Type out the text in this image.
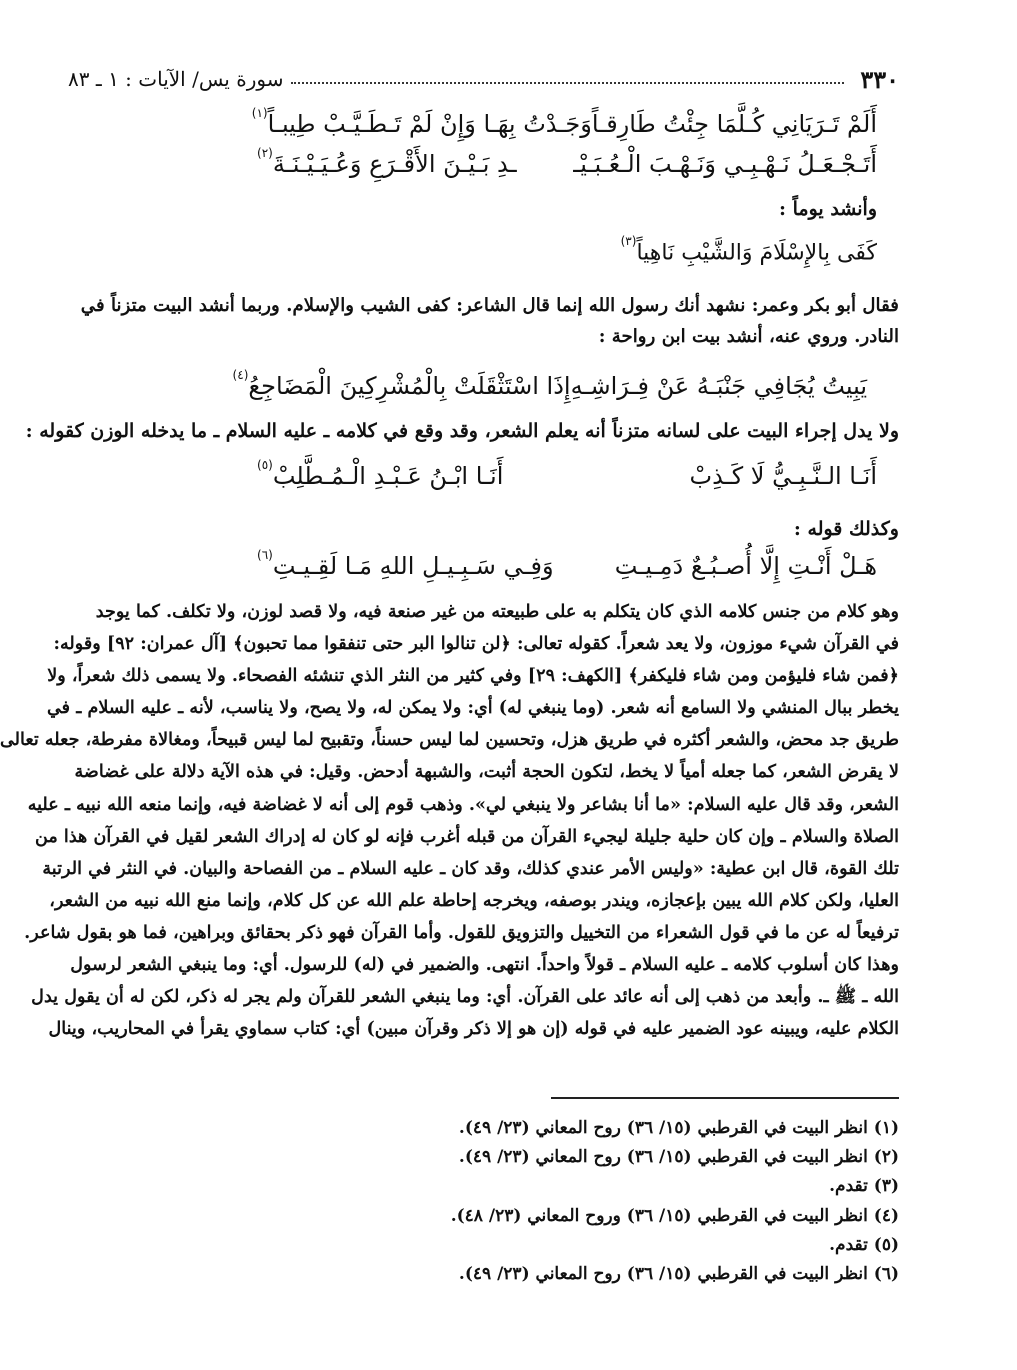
٣٣٠
سورة يس/ الآيات : ١ ـ ٨٣
أَلَمْ تَـرَيَانِي كُـلَّمَا جِئْتُ طَارِقـاً
وَجَـدْتُ بِهَـا وَإِنْ لَمْ تَـطَـيَّـبْ طِيبـاً$^{(١)}$
أَتَـجْـعَـلُ نَـهْـبِـي وَنَـهْـبَ الْـعُـبَـيْـ
ـدِ بَـيْـنَ الأَقْـرَعِ وَعُـيَـيْـنَـةَ$^{(٢)}$
وأنشد يوماً :
كَفَى بِالإِسْلَامَ وَالشَّيْبِ نَاهِياً$^{(٣)}$
فقال أبو بكر وعمر: نشهد أنك رسول الله إنما قال الشاعر: كفى الشيب والإسلام. وربما أنشد البيت متزناً في
النادر. وروي عنه، أنشد بيت ابن رواحة :
يَبِيتُ يُجَافِي جَنْبَـهُ عَنْ فِـرَاشِـهِ
إِذَا اسْتَثْقَلَتْ بِالْمُشْرِكِينَ الْمَضَاجِعُ$^{(٤)}$
ولا يدل إجراء البيت على لسانه متزناً أنه يعلم الشعر، وقد وقع في كلامه ـ عليه السلام ـ ما يدخله الوزن كقوله :
أَنَـا الـنَّـبِـيُّ لَا كَـذِبْ
أَنَـا ابْـنُ عَـبْـدِ الْـمُـطَّلِبْ$^{(٥)}$
وكذلك قوله :
هَـلْ أَنْـتِ إِلَّا أُصـبُـعٌ دَمِـيـتِ
وَفِـي سَـبِـيـلِ اللهِ مَـا لَقِـيـتِ$^{(٦)}$
وهو كلام من جنس كلامه الذي كان يتكلم به على طبيعته من غير صنعة فيه، ولا قصد لوزن، ولا تكلف. كما يوجد
في القرآن شيء موزون، ولا يعد شعراً. كقوله تعالى: ﴿لن تنالوا البر حتى تنفقوا مما تحبون﴾ [آل عمران: ٩٢] وقوله:
﴿فمن شاء فليؤمن ومن شاء فليكفر﴾ [الكهف: ٢٩] وفي كثير من النثر الذي تنشئه الفصحاء. ولا يسمى ذلك شعراً، ولا
يخطر ببال المنشي ولا السامع أنه شعر. (وما ينبغي له) أي: ولا يمكن له، ولا يصح، ولا يناسب، لأنه ـ عليه السلام ـ في
طريق جد محض، والشعر أكثره في طريق هزل، وتحسين لما ليس حسناً، وتقبيح لما ليس قبيحاً، ومغالاة مفرطة، جعله تعالى
لا يقرض الشعر، كما جعله أمياً لا يخط، لتكون الحجة أثبت، والشبهة أدحض. وقيل: في هذه الآية دلالة على غضاضة
الشعر، وقد قال عليه السلام: «ما أنا بشاعر ولا ينبغي لي». وذهب قوم إلى أنه لا غضاضة فيه، وإنما منعه الله نبيه ـ عليه
الصلاة والسلام ـ وإن كان حلية جليلة ليجيء القرآن من قبله أغرب فإنه لو كان له إدراك الشعر لقيل في القرآن هذا من
تلك القوة، قال ابن عطية: «وليس الأمر عندي كذلك، وقد كان ـ عليه السلام ـ من الفصاحة والبيان. في النثر في الرتبة
العليا، ولكن كلام الله يبين بإعجازه، ويندر بوصفه، ويخرجه إحاطة علم الله عن كل كلام، وإنما منع الله نبيه من الشعر،
ترفيعاً له عن ما في قول الشعراء من التخييل والتزويق للقول. وأما القرآن فهو ذكر بحقائق وبراهين، فما هو بقول شاعر.
وهذا كان أسلوب كلامه ـ عليه السلام ـ قولاً واحداً. انتهى. والضمير في (له) للرسول. أي: وما ينبغي الشعر لرسول
الله ـ ﷺ ـ. وأبعد من ذهب إلى أنه عائد على القرآن. أي: وما ينبغي الشعر للقرآن ولم يجر له ذكر، لكن له أن يقول يدل
الكلام عليه، ويبينه عود الضمير عليه في قوله (إن هو إلا ذكر وقرآن مبين) أي: كتاب سماوي يقرأ في المحاريب، وينال
(١) انظر البيت في القرطبي (١٥/ ٣٦) روح المعاني (٢٣/ ٤٩).
(٢) انظر البيت في القرطبي (١٥/ ٣٦) روح المعاني (٢٣/ ٤٩).
(٣) تقدم.
(٤) انظر البيت في القرطبي (١٥/ ٣٦) وروح المعاني (٢٣/ ٤٨).
(٥) تقدم.
(٦) انظر البيت في القرطبي (١٥/ ٣٦) روح المعاني (٢٣/ ٤٩).
